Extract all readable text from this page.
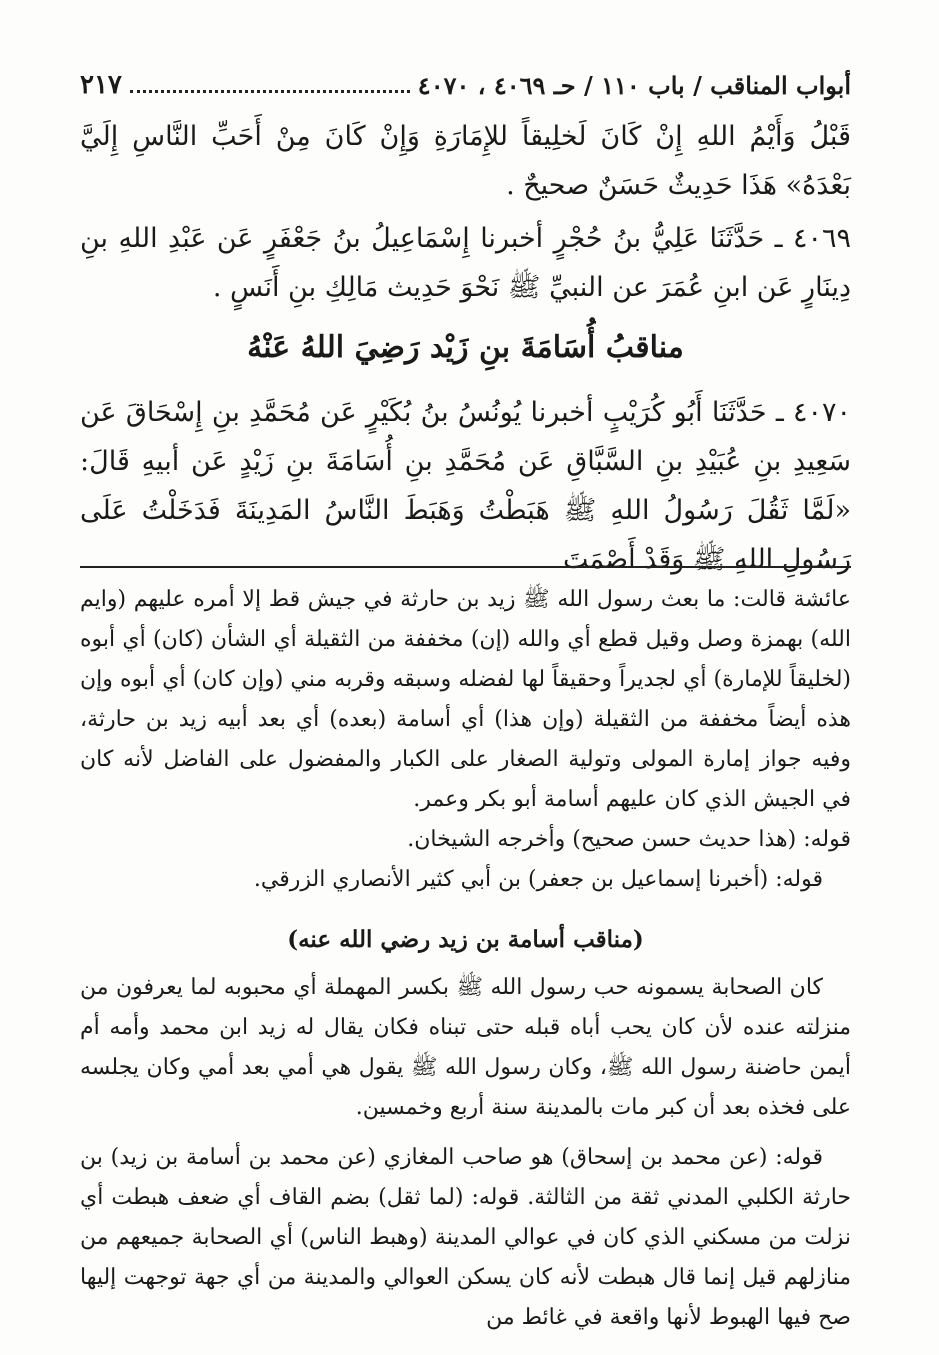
أبواب المناقب / باب ١١٠ / حـ ٤٠٦٩ ، ٤٠٧٠
٢١٧

قَبْلُ وَأَيْمُ اللهِ إِنْ كَانَ لَخلِيقاً للإِمَارَةِ وَإِنْ كَانَ مِنْ أَحَبِّ النَّاسِ إِلَيَّ بَعْدَهُ» هَذَا حَدِيثٌ حَسَنٌ صحيحٌ .

٤٠٦٩ ـ حَدَّثَنَا عَلِيُّ بنُ حُجْرٍ أخبرنا إِسْمَاعِيلُ بنُ جَعْفَرٍ عَن عَبْدِ اللهِ بنِ دِينَارٍ عَن ابنِ عُمَرَ عن النبيِّ ﷺ نَحْوَ حَدِيث مَالِكِ بنِ أَنَسٍ .

مناقبُ أُسَامَةَ بنِ زَيْد رَضِيَ اللهُ عَنْهُ

٤٠٧٠ ـ حَدَّثَنَا أَبُو كُرَيْبٍ أخبرنا يُونُسُ بنُ بُكَيْرٍ عَن مُحَمَّدِ بنِ إِسْحَاقَ عَن سَعِيدِ بنِ عُبَيْدِ بنِ السَّبَّاقِ عَن مُحَمَّدِ بنِ أُسَامَةَ بنِ زَيْدٍ عَن أبيهِ قَالَ: «لَمَّا ثَقُلَ رَسُولُ اللهِ ﷺ هَبَطْتُ وَهَبَطَ النَّاسُ المَدِينَةَ فَدَخَلْتُ عَلَى رَسُولِ اللهِ ﷺ وَقَدْ أَصْمَتَ

عائشة قالت: ما بعث رسول الله ﷺ زيد بن حارثة في جيش قط إلا أمره عليهم (وايم الله) بهمزة وصل وقيل قطع أي والله (إن) مخففة من الثقيلة أي الشأن (كان) أي أبوه (لخليقاً للإمارة) أي لجديراً وحقيقاً لها لفضله وسبقه وقربه مني (وإن كان) أي أبوه وإن هذه أيضاً مخففة من الثقيلة (وإن هذا) أي أسامة (بعده) أي بعد أبيه زيد بن حارثة، وفيه جواز إمارة المولى وتولية الصغار على الكبار والمفضول على الفاضل لأنه كان في الجيش الذي كان عليهم أسامة أبو بكر وعمر.

قوله: (هذا حديث حسن صحيح) وأخرجه الشيخان.

قوله: (أخبرنا إسماعيل بن جعفر) بن أبي كثير الأنصاري الزرقي.

(مناقب أسامة بن زيد رضي الله عنه)

كان الصحابة يسمونه حب رسول الله ﷺ بكسر المهملة أي محبوبه لما يعرفون من منزلته عنده لأن كان يحب أباه قبله حتى تبناه فكان يقال له زيد ابن محمد وأمه أم أيمن حاضنة رسول الله ﷺ، وكان رسول الله ﷺ يقول هي أمي بعد أمي وكان يجلسه على فخذه بعد أن كبر مات بالمدينة سنة أربع وخمسين.

قوله: (عن محمد بن إسحاق) هو صاحب المغازي (عن محمد بن أسامة بن زيد) بن حارثة الكلبي المدني ثقة من الثالثة. قوله: (لما ثقل) بضم القاف أي ضعف هبطت أي نزلت من مسكني الذي كان في عوالي المدينة (وهبط الناس) أي الصحابة جميعهم من منازلهم قيل إنما قال هبطت لأنه كان يسكن العوالي والمدينة من أي جهة توجهت إليها صح فيها الهبوط لأنها واقعة في غائط من
